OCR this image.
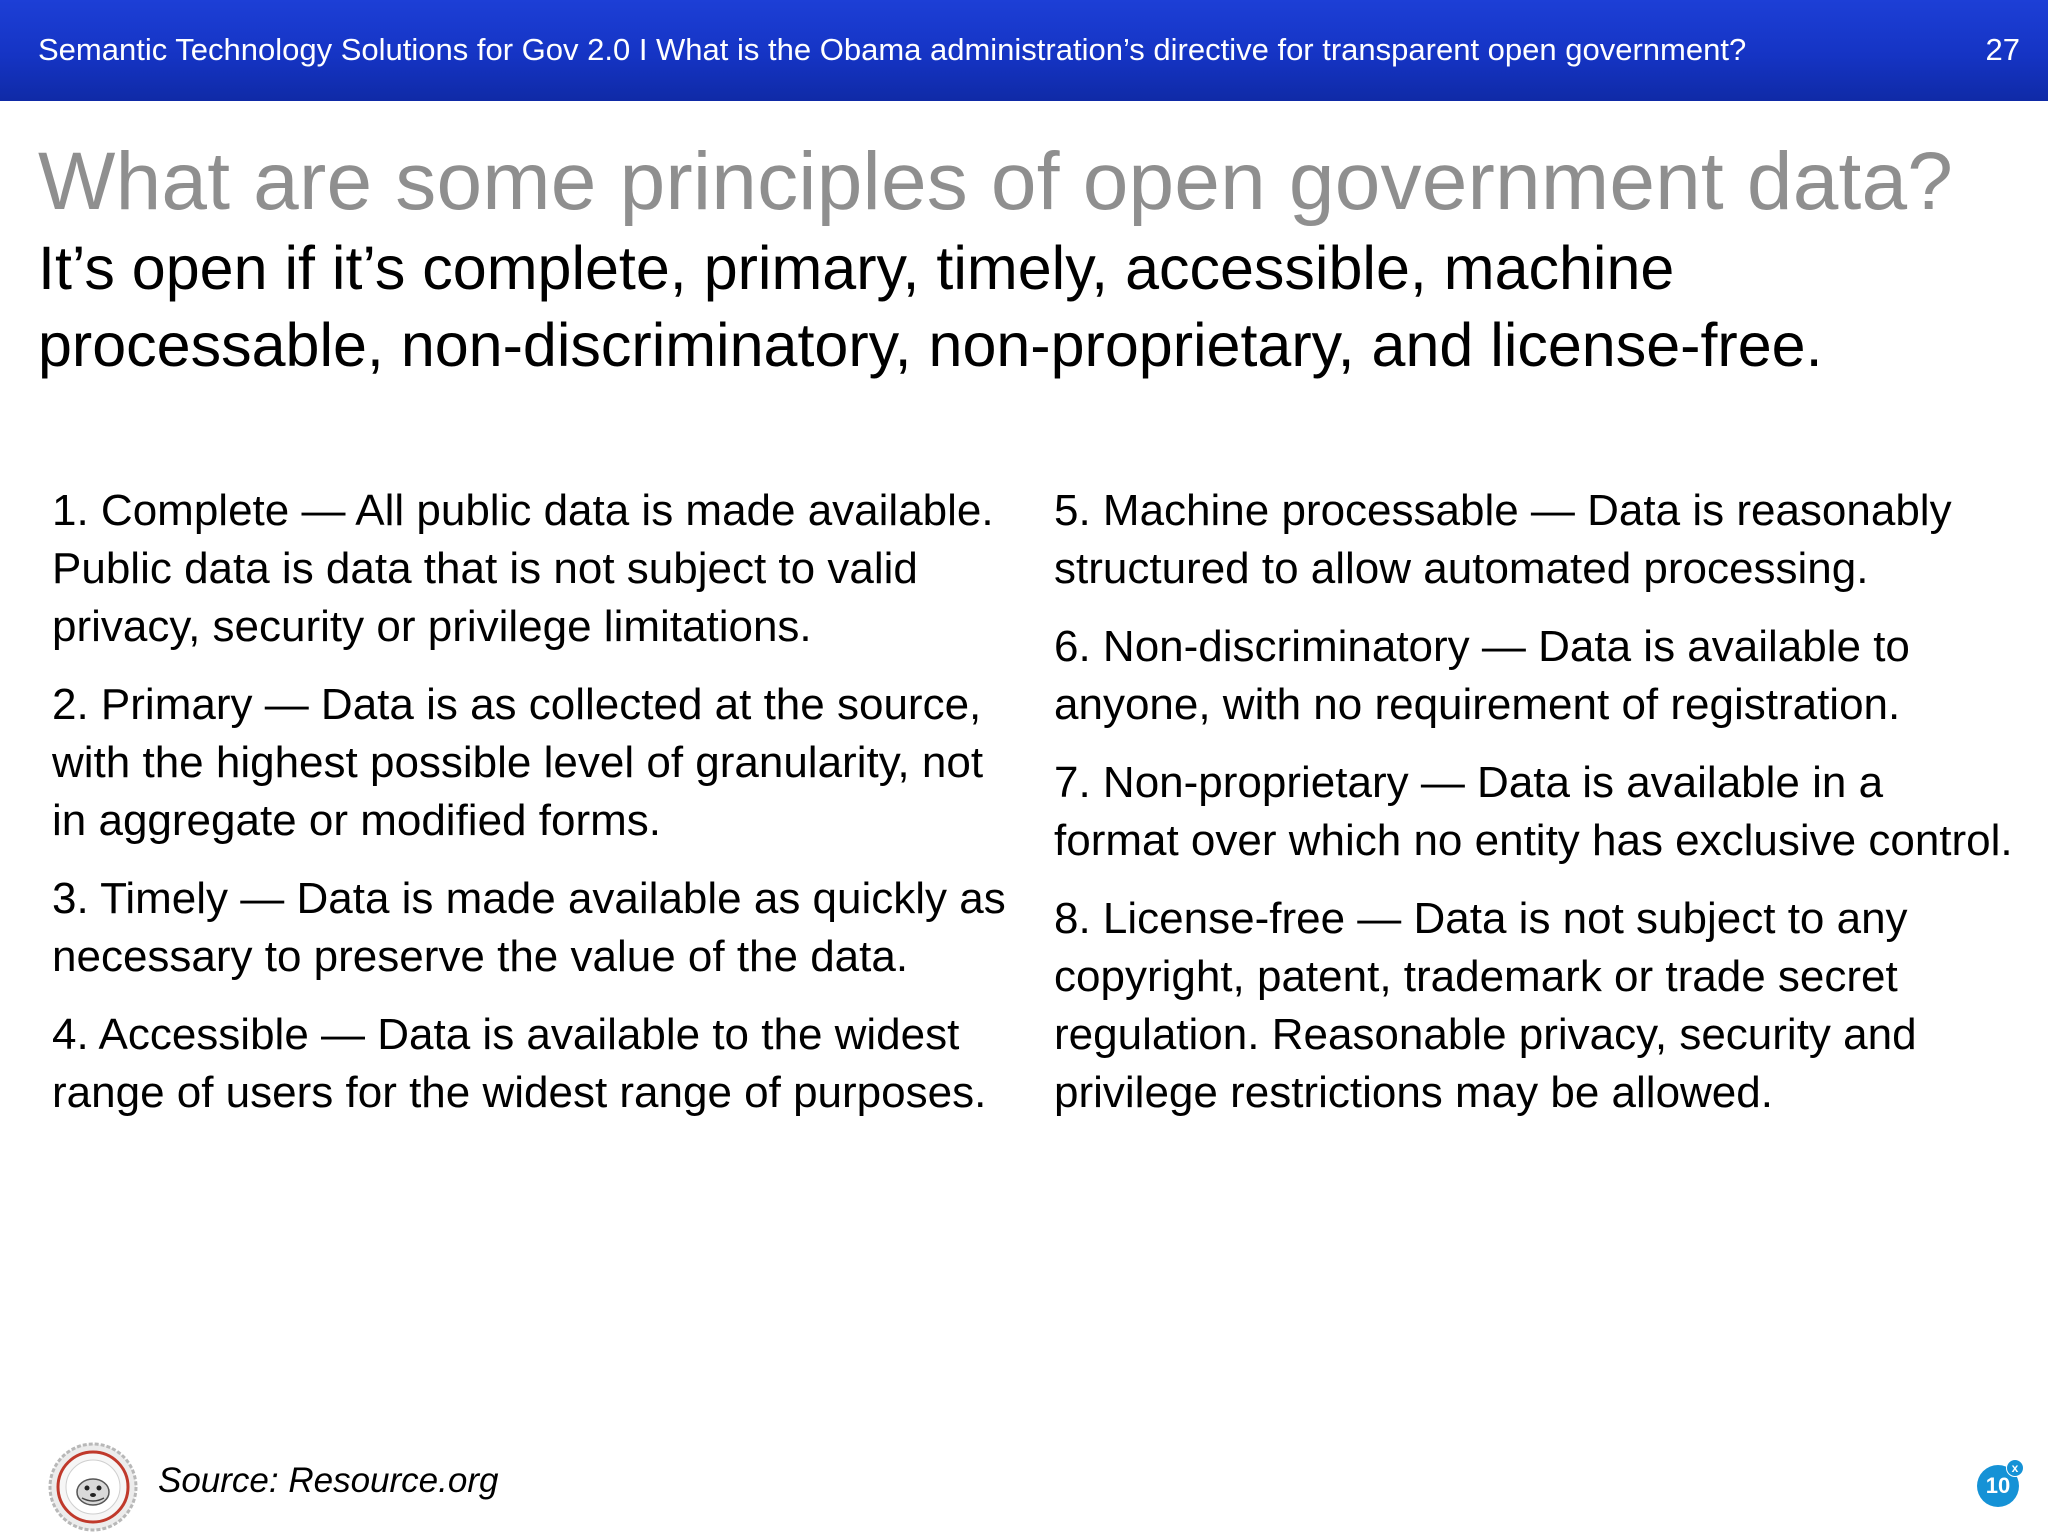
Semantic Technology Solutions for Gov 2.0 I What is the Obama administration’s directive for transparent open government?	27
What are some principles of open government data?
It’s open if it’s complete, primary, timely, accessible, machine processable, non-discriminatory, non-proprietary, and license-free.

1. Complete — All public data is made available. Public data is data that is not subject to valid privacy, security or privilege limitations.

2. Primary — Data is as collected at the source, with the highest possible level of granularity, not in aggregate or modified forms.

3. Timely — Data is made available as quickly as necessary to preserve the value of the data.

4. Accessible — Data is available to the widest range of users for the widest range of purposes.

5. Machine processable — Data is reasonably structured to allow automated processing.

6. Non-discriminatory — Data is available to anyone, with no requirement of registration.

7. Non-proprietary — Data is available in a format over which no entity has exclusive control.

8. License-free — Data is not subject to any copyright, patent, trademark or trade secret regulation. Reasonable privacy, security and privilege restrictions may be allowed.

Source: Resource.org	10
x
